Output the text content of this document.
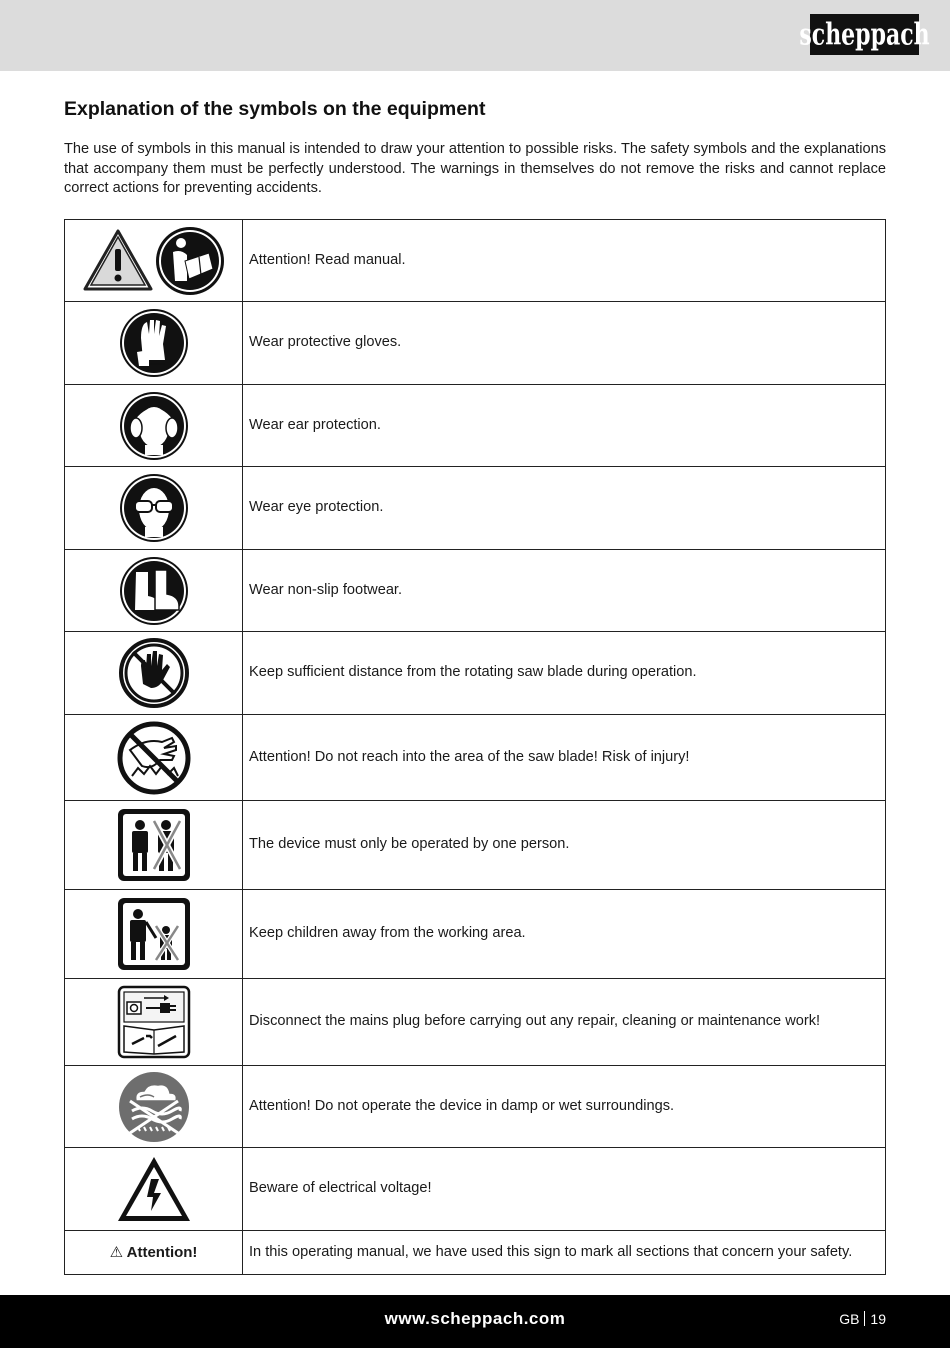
scheppach
Explanation of the symbols on the equipment

The use of symbols in this manual is intended to draw your attention to possible risks. The safety symbols and the explanations that accompany them must be perfectly understood. The warnings in themselves do not remove the risks and cannot replace correct actions for preventing accidents.

	Attention! Read manual.

	Wear protective gloves.

	Wear ear protection.

	Wear eye protection.

	Wear non-slip footwear.

	Keep sufficient distance from the rotating saw blade during operation.

	Attention! Do not reach into the area of the saw blade! Risk of injury!

	The device must only be operated by one person.

	Keep children away from the working area.

	Disconnect the mains plug before carrying out any repair, cleaning or maintenance work!

	Attention! Do not operate the device in damp or wet surroundings.

	Beware of electrical voltage!
⚠ Attention!	In this operating manual, we have used this sign to mark all sections that concern your safety.
www.scheppach.com	GB 19
